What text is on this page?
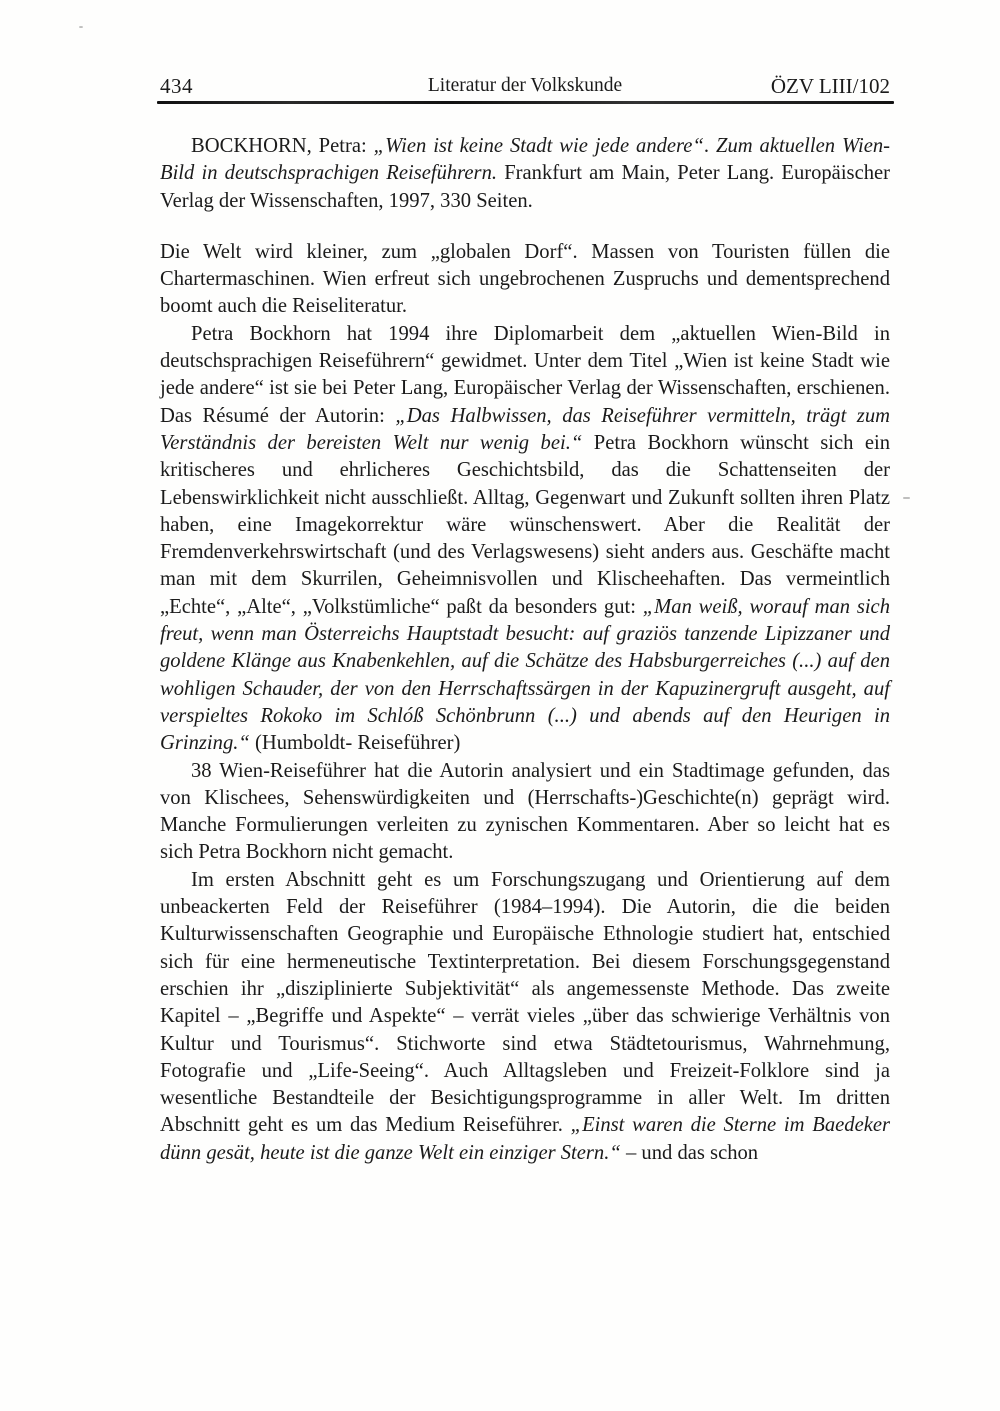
434	Literatur der Volkskunde	ÖZV LIII/102

BOCKHORN, Petra: „Wien ist keine Stadt wie jede andere“. Zum aktuellen Wien-Bild in deutschsprachigen Reiseführern. Frankfurt am Main, Peter Lang. Europäischer Verlag der Wissenschaften, 1997, 330 Seiten.

Die Welt wird kleiner, zum „globalen Dorf“. Massen von Touristen füllen die Chartermaschinen. Wien erfreut sich ungebrochenen Zuspruchs und dementsprechend boomt auch die Reiseliteratur.

Petra Bockhorn hat 1994 ihre Diplomarbeit dem „aktuellen Wien-Bild in deutschsprachigen Reiseführern“ gewidmet. Unter dem Titel „Wien ist keine Stadt wie jede andere“ ist sie bei Peter Lang, Europäischer Verlag der Wissenschaften, erschienen. Das Résumé der Autorin: „Das Halbwissen, das Reiseführer vermitteln, trägt zum Verständnis der bereisten Welt nur wenig bei.“ Petra Bockhorn wünscht sich ein kritischeres und ehrlicheres Geschichtsbild, das die Schattenseiten der Lebenswirklichkeit nicht ausschließt. Alltag, Gegenwart und Zukunft sollten ihren Platz haben, eine Imagekorrektur wäre wünschenswert. Aber die Realität der Fremdenverkehrswirtschaft (und des Verlagswesens) sieht anders aus. Geschäfte macht man mit dem Skurrilen, Geheimnisvollen und Klischeehaften. Das vermeintlich „Echte“, „Alte“, „Volkstümliche“ paßt da besonders gut: „Man weiß, worauf man sich freut, wenn man Österreichs Hauptstadt besucht: auf graziös tanzende Lipizzaner und goldene Klänge aus Knabenkehlen, auf die Schätze des Habsburgerreiches (...) auf den wohligen Schauder, der von den Herrschaftssärgen in der Kapuzinergruft ausgeht, auf verspieltes Rokoko im Schlóß Schönbrunn (...) und abends auf den Heurigen in Grinzing.“ (Humboldt- Reiseführer)

38 Wien-Reiseführer hat die Autorin analysiert und ein Stadtimage gefunden, das von Klischees, Sehenswürdigkeiten und (Herrschafts-)Geschichte(n) geprägt wird. Manche Formulierungen verleiten zu zynischen Kommentaren. Aber so leicht hat es sich Petra Bockhorn nicht gemacht.

Im ersten Abschnitt geht es um Forschungszugang und Orientierung auf dem unbeackerten Feld der Reiseführer (1984–1994). Die Autorin, die die beiden Kulturwissenschaften Geographie und Europäische Ethnologie studiert hat, entschied sich für eine hermeneutische Textinterpretation. Bei diesem Forschungsgegenstand erschien ihr „disziplinierte Subjektivität“ als angemessenste Methode. Das zweite Kapitel – „Begriffe und Aspekte“ – verrät vieles „über das schwierige Verhältnis von Kultur und Tourismus“. Stichworte sind etwa Städtetourismus, Wahrnehmung, Fotografie und „Life-Seeing“. Auch Alltagsleben und Freizeit-Folklore sind ja wesentliche Bestandteile der Besichtigungsprogramme in aller Welt. Im dritten Abschnitt geht es um das Medium Reiseführer. „Einst waren die Sterne im Baedeker dünn gesät, heute ist die ganze Welt ein einziger Stern.“ – und das schon
